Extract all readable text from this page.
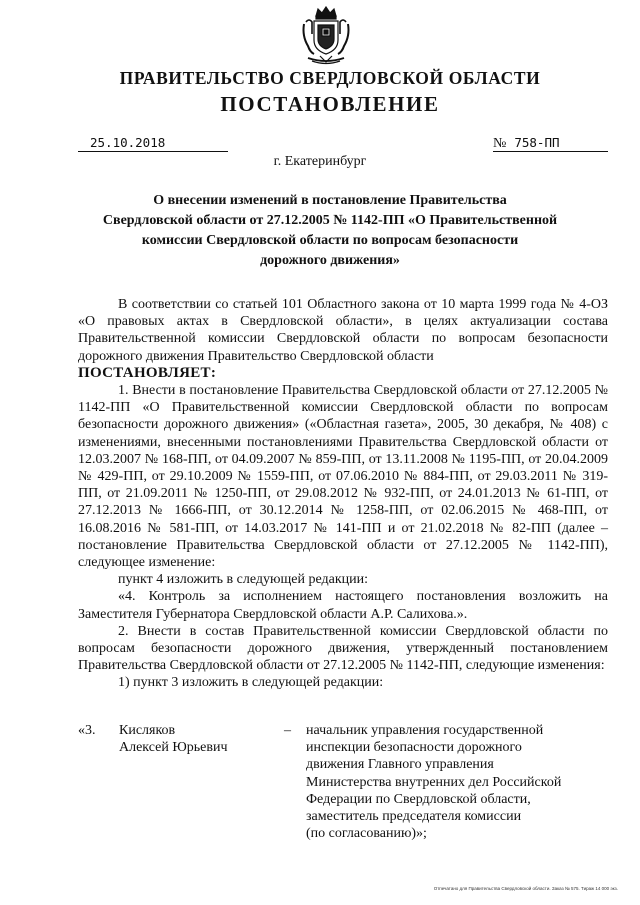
ПРАВИТЕЛЬСТВО СВЕРДЛОВСКОЙ ОБЛАСТИ
ПОСТАНОВЛЕНИЕ
25.10.2018	№ 758-ПП
г. Екатеринбург
О внесении изменений в постановление Правительства
Свердловской области от 27.12.2005 № 1142-ПП «О Правительственной
комиссии Свердловской области по вопросам безопасности
дорожного движения»

В соответствии со статьей 101 Областного закона от 10 марта 1999 года № 4-ОЗ «О правовых актах в Свердловской области», в целях актуализации состава Правительственной комиссии Свердловской области по вопросам безопасности дорожного движения Правительство Свердловской области

ПОСТАНОВЛЯЕТ:

1. Внести в постановление Правительства Свердловской области от 27.12.2005 № 1142-ПП «О Правительственной комиссии Свердловской области по вопросам безопасности дорожного движения» («Областная газета», 2005, 30 декабря, № 408) с изменениями, внесенными постановлениями Правительства Свердловской области от 12.03.2007 № 168-ПП, от 04.09.2007 № 859-ПП, от 13.11.2008 № 1195-ПП, от 20.04.2009 № 429-ПП, от 29.10.2009 № 1559-ПП, от 07.06.2010 № 884-ПП, от 29.03.2011 № 319-ПП, от 21.09.2011 № 1250-ПП, от 29.08.2012 № 932-ПП, от 24.01.2013 № 61-ПП, от 27.12.2013 № 1666-ПП, от 30.12.2014 № 1258-ПП, от 02.06.2015 № 468-ПП, от 16.08.2016 № 581-ПП, от 14.03.2017 № 141-ПП и от 21.02.2018 № 82-ПП (далее – постановление Правительства Свердловской области от 27.12.2005 № 1142-ПП), следующее изменение:

пункт 4 изложить в следующей редакции:

«4. Контроль за исполнением настоящего постановления возложить на Заместителя Губернатора Свердловской области А.Р. Салихова.».

2. Внести в состав Правительственной комиссии Свердловской области по вопросам безопасности дорожного движения, утвержденный постановлением Правительства Свердловской области от 27.12.2005 № 1142-ПП, следующие изменения:

1) пункт 3 изложить в следующей редакции:

«3. Кисляков
Алексей Юрьевич
– начальник управления государственной
инспекции безопасности дорожного
движения Главного управления
Министерства внутренних дел Российской
Федерации по Свердловской области,
заместитель председателя комиссии
(по согласованию)»;
Отпечатано для Правительства Свердловской области. Заказ № 575. Тираж 14 000 экз.
